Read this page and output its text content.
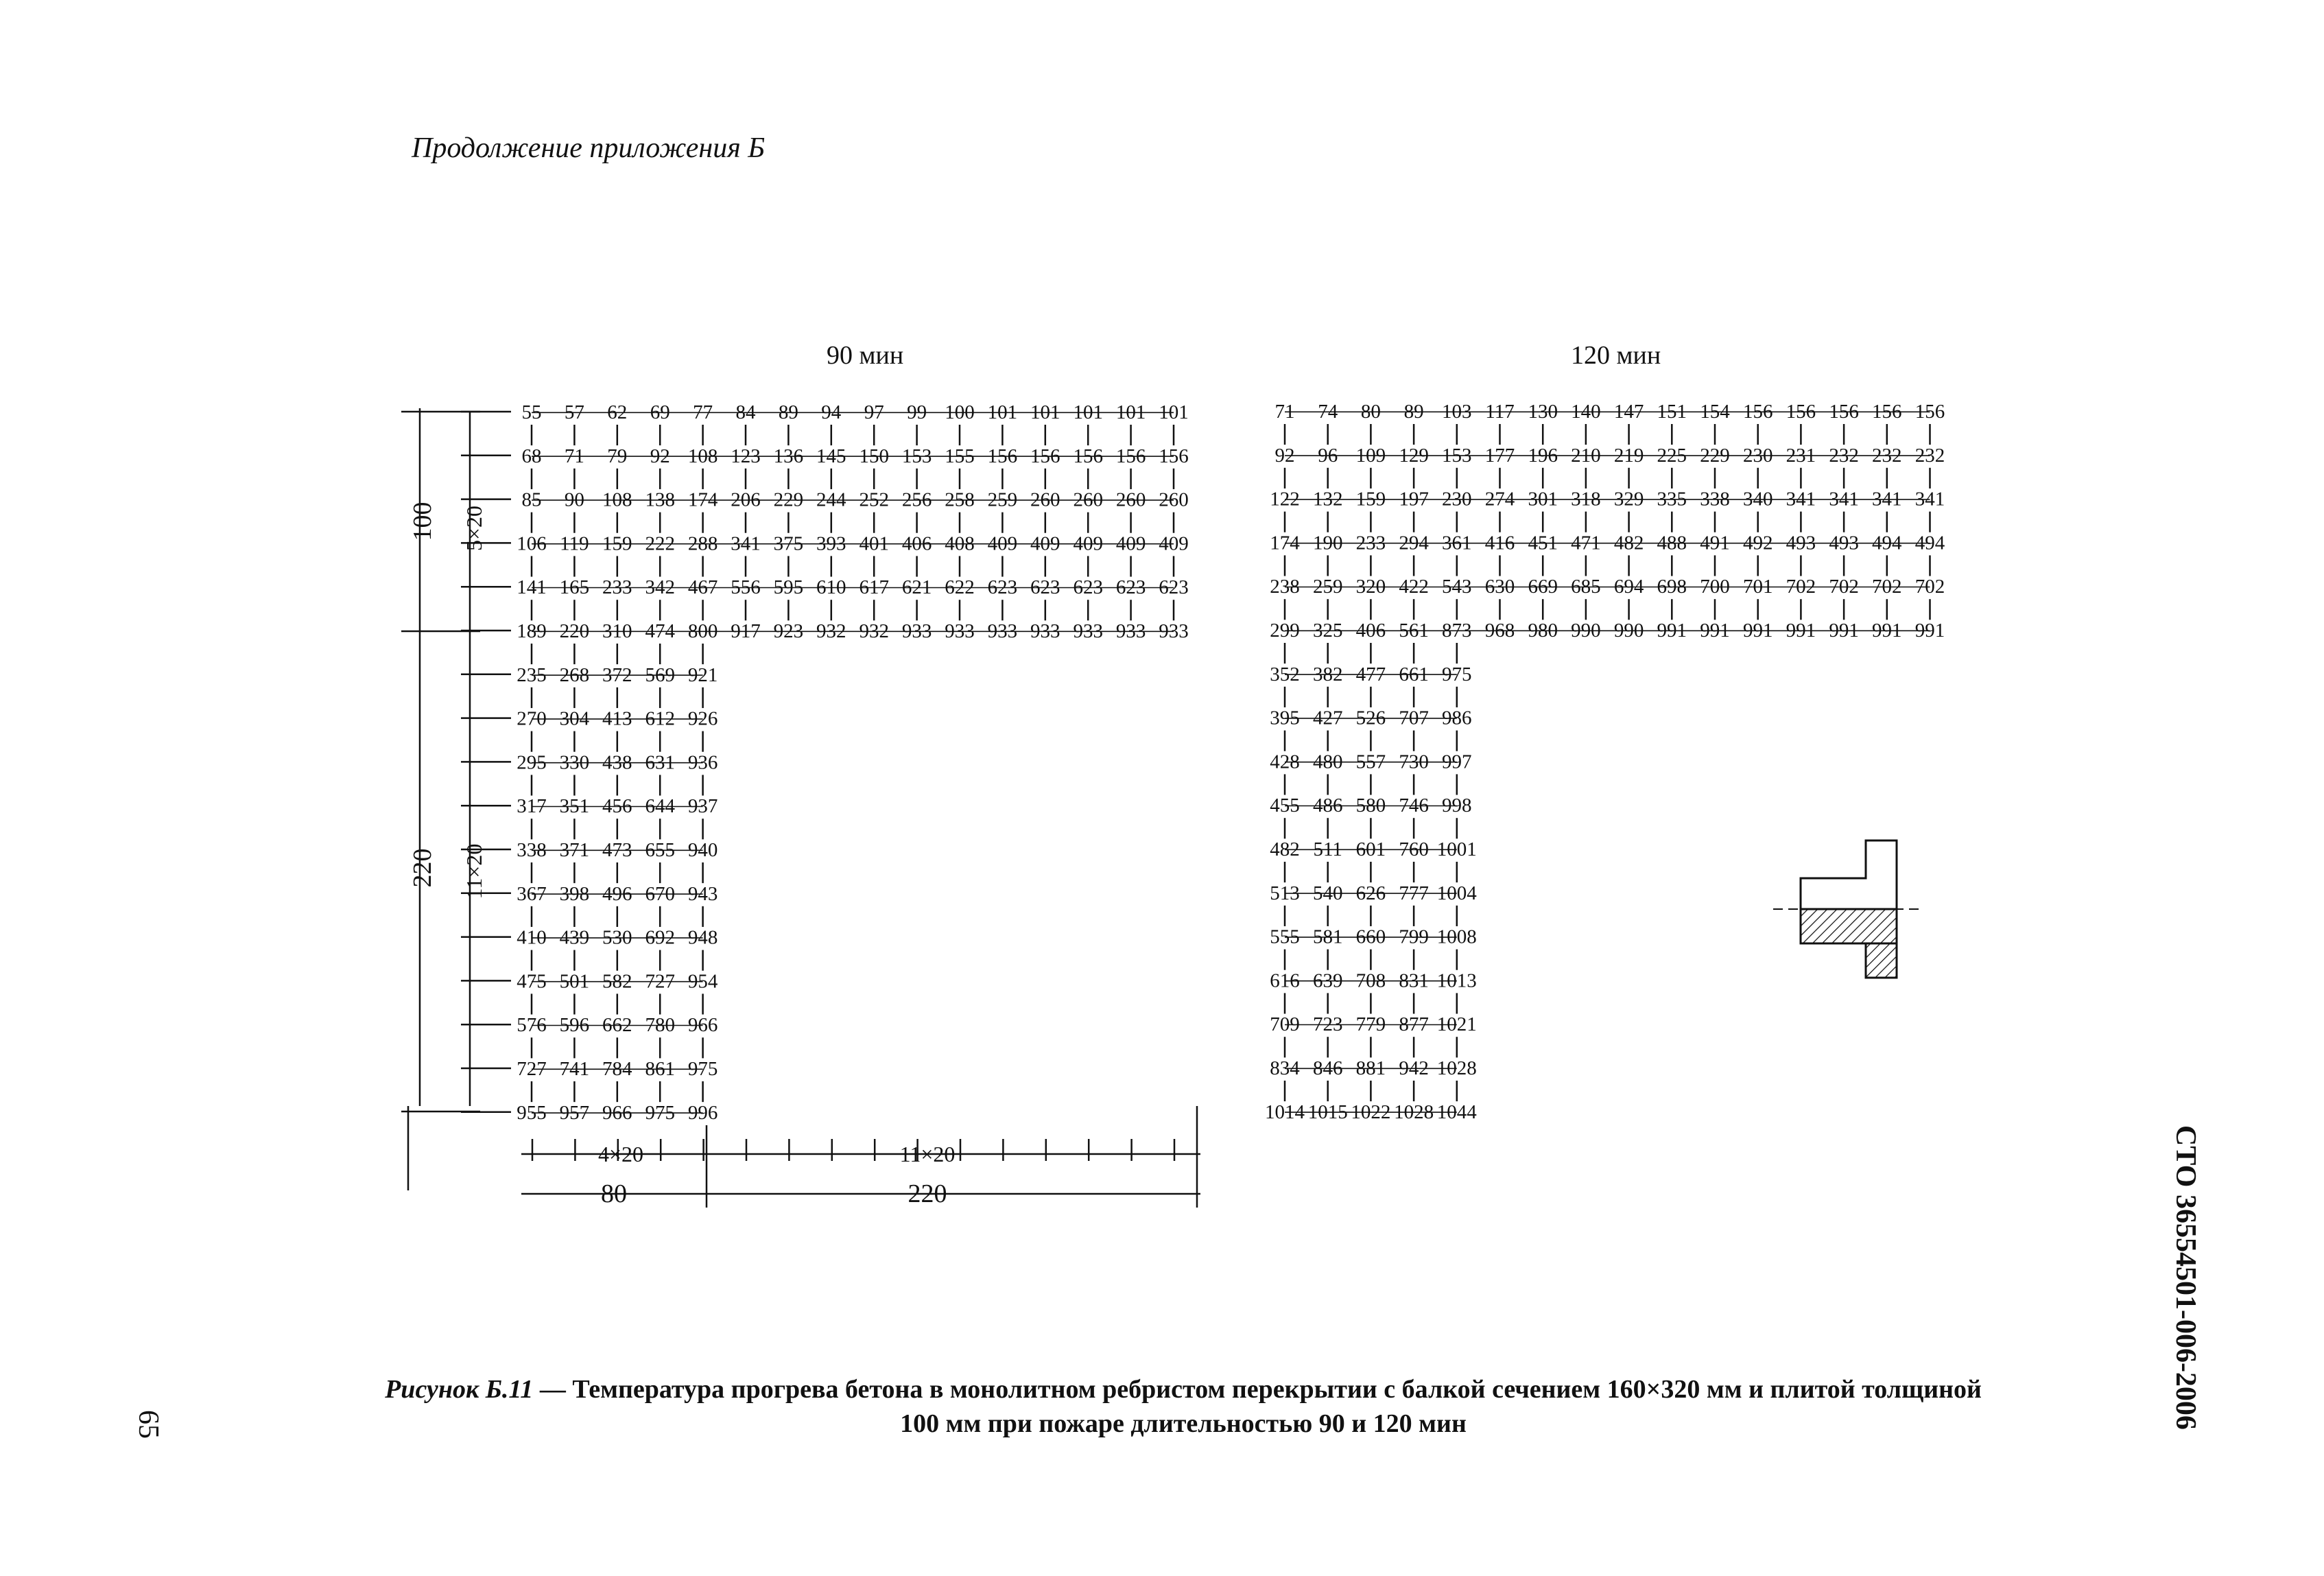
Продолжение приложения Б
90 мин	120 мин
55 57 62 69 77 84 89 94 97 99 100 101 101 101 101 101
68 71 79 92 108 123 136 145 150 153 155 156 156 156 156 156
85 90 108 138 174 206 229 244 252 256 258 259 260 260 260 260
106 119 159 222 288 341 375 393 401 406 408 409 409 409 409 409
141 165 233 342 467 556 595 610 617 621 622 623 623 623 623 623
189 220 310 474 800 917 923 932 932 933 933 933 933 933 933 933
235 268 372 569 921
270 304 413 612 926
295 330 438 631 936
317 351 456 644 937
338 371 473 655 940
367 398 496 670 943
410 439 530 692 948
475 501 582 727 954
576 596 662 780 966
727 741 784 861 975
955 957 966 975 996
71 74 80 89 103 117 130 140 147 151 154 156 156 156 156 156
92 96 109 129 153 177 196 210 219 225 229 230 231 232 232 232
122 132 159 197 230 274 301 318 329 335 338 340 341 341 341 341
174 190 233 294 361 416 451 471 482 488 491 492 493 493 494 494
238 259 320 422 543 630 669 685 694 698 700 701 702 702 702 702
299 325 406 561 873 968 980 990 990 991 991 991 991 991 991 991
352 382 477 661 975
395 427 526 707 986
428 480 557 730 997
455 486 580 746 998
482 511 601 760 1001
513 540 626 777 1004
555 581 660 799 1008
616 639 708 831 1013
709 723 779 877 1021
834 846 881 942 1028
1014 1015 1022 1028 1044
100 5×20
220 11×20
4×20	11×20
80	220
Рисунок Б.11 — Температура прогрева бетона в монолитном ребристом перекрытии с балкой сечением 160×320 мм и плитой толщиной 100 мм при пожаре длительностью 90 и 120 мин	СТО 36554501-006-2006
65
